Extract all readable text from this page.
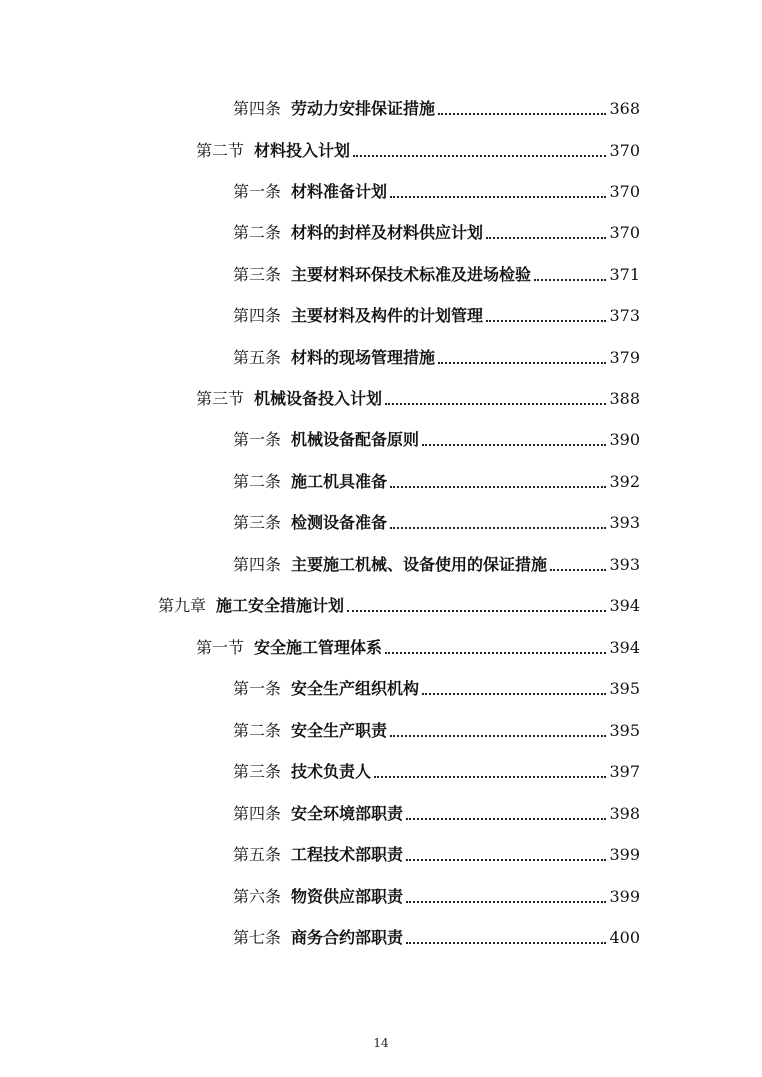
第四条 劳动力安排保证措施	368
第二节 材料投入计划	370
第一条 材料准备计划	370
第二条 材料的封样及材料供应计划	370
第三条 主要材料环保技术标准及进场检验	371
第四条 主要材料及构件的计划管理	373
第五条 材料的现场管理措施	379
第三节 机械设备投入计划	388
第一条 机械设备配备原则	390
第二条 施工机具准备	392
第三条 检测设备准备	393
第四条 主要施工机械、设备使用的保证措施	393
第九章 施工安全措施计划	394
第一节 安全施工管理体系	394
第一条 安全生产组织机构	395
第二条 安全生产职责	395
第三条 技术负责人	397
第四条 安全环境部职责	398
第五条 工程技术部职责	399
第六条 物资供应部职责	399
第七条 商务合约部职责	400
14
